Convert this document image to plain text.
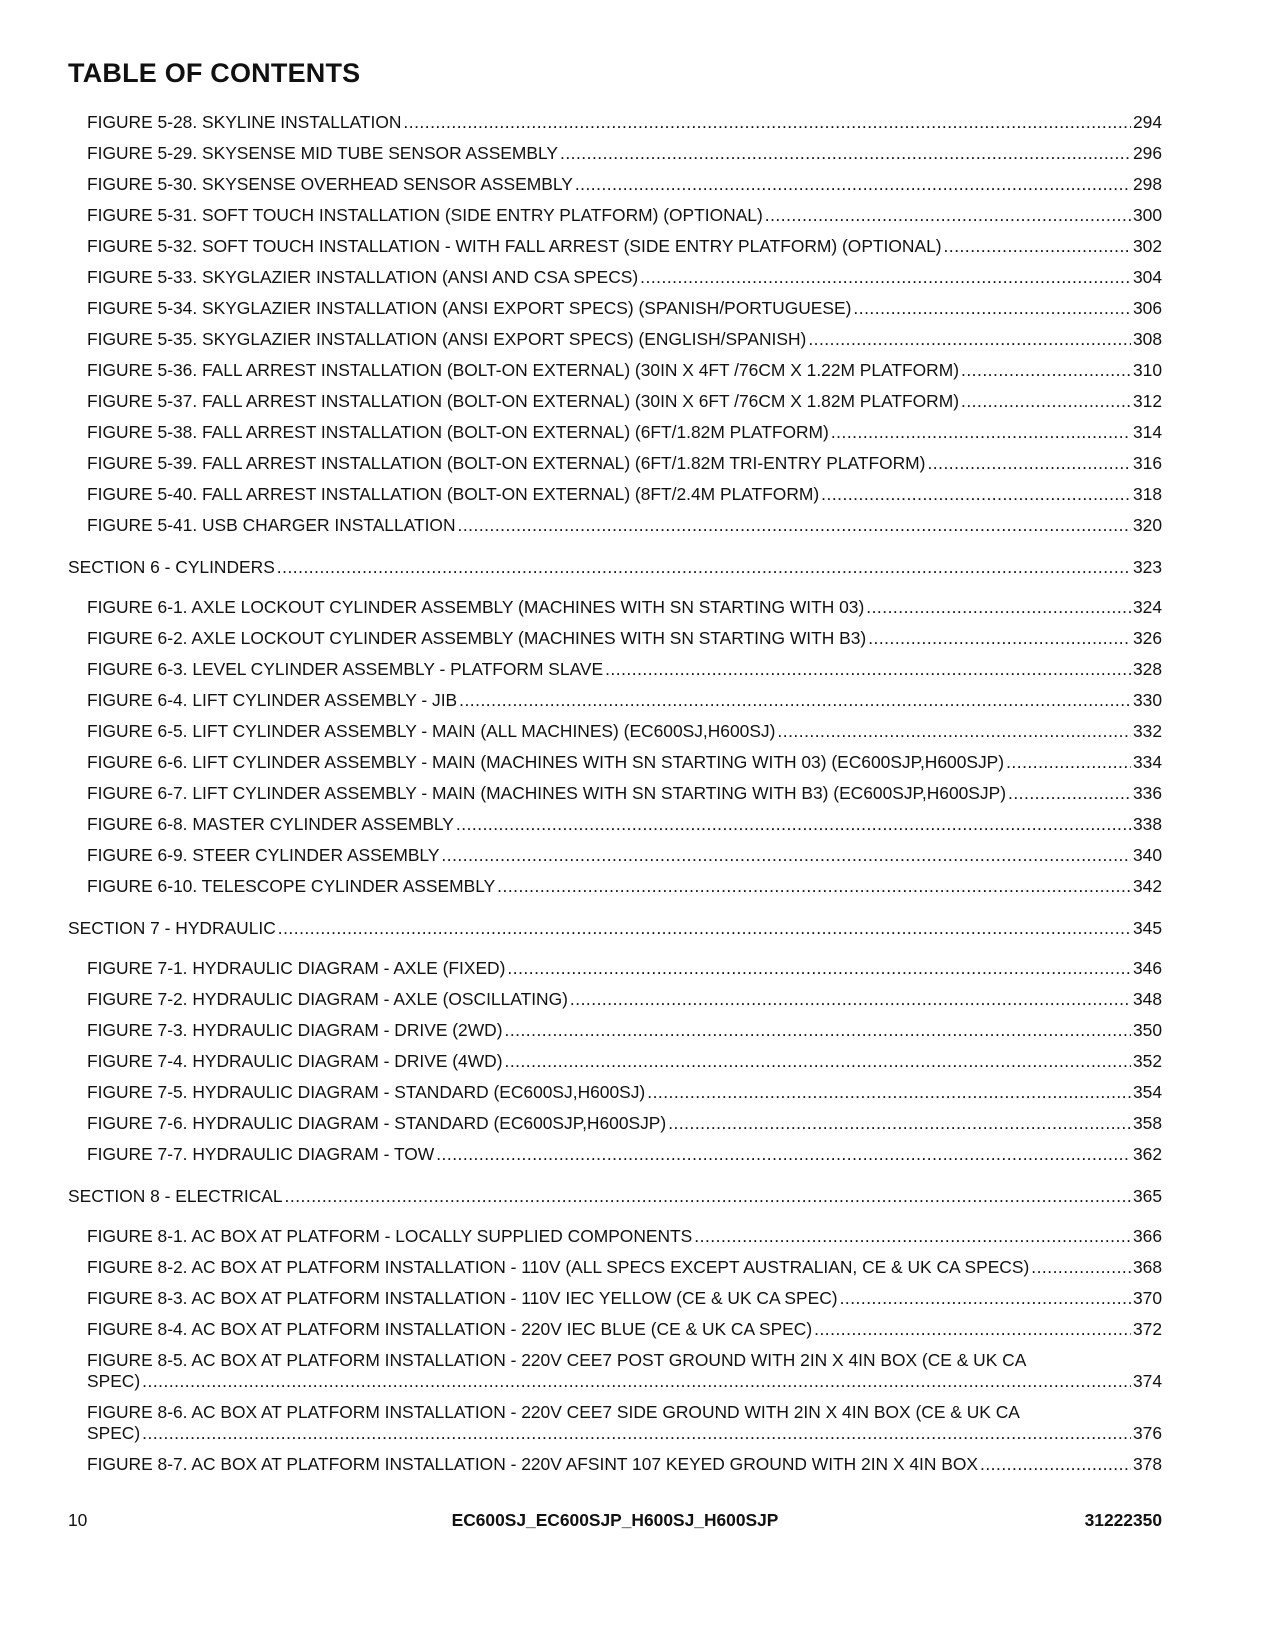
TABLE OF CONTENTS
FIGURE 5-28. SKYLINE INSTALLATION .....	294
FIGURE 5-29. SKYSENSE MID TUBE SENSOR ASSEMBLY .....	296
FIGURE 5-30. SKYSENSE OVERHEAD SENSOR ASSEMBLY .....	298
FIGURE 5-31. SOFT TOUCH INSTALLATION (SIDE ENTRY PLATFORM) (OPTIONAL) .....	300
FIGURE 5-32. SOFT TOUCH INSTALLATION - WITH FALL ARREST (SIDE ENTRY PLATFORM) (OPTIONAL) .....	302
FIGURE 5-33. SKYGLAZIER INSTALLATION (ANSI AND CSA SPECS) .....	304
FIGURE 5-34. SKYGLAZIER INSTALLATION (ANSI EXPORT SPECS) (SPANISH/PORTUGUESE) .....	306
FIGURE 5-35. SKYGLAZIER INSTALLATION (ANSI EXPORT SPECS) (ENGLISH/SPANISH) .....	308
FIGURE 5-36. FALL ARREST INSTALLATION (BOLT-ON EXTERNAL) (30IN X 4FT /76CM X 1.22M PLATFORM) .....	310
FIGURE 5-37. FALL ARREST INSTALLATION (BOLT-ON EXTERNAL) (30IN X 6FT /76CM X 1.82M PLATFORM) .....	312
FIGURE 5-38. FALL ARREST INSTALLATION (BOLT-ON EXTERNAL) (6FT/1.82M PLATFORM) .....	314
FIGURE 5-39. FALL ARREST INSTALLATION (BOLT-ON EXTERNAL) (6FT/1.82M TRI-ENTRY PLATFORM) .....	316
FIGURE 5-40. FALL ARREST INSTALLATION (BOLT-ON EXTERNAL) (8FT/2.4M PLATFORM) .....	318
FIGURE 5-41. USB CHARGER INSTALLATION .....	320
SECTION 6 - CYLINDERS .....	323
FIGURE 6-1. AXLE LOCKOUT CYLINDER ASSEMBLY (MACHINES WITH SN STARTING WITH 03) .....	324
FIGURE 6-2. AXLE LOCKOUT CYLINDER ASSEMBLY (MACHINES WITH SN STARTING WITH B3) .....	326
FIGURE 6-3. LEVEL CYLINDER ASSEMBLY - PLATFORM SLAVE .....	328
FIGURE 6-4. LIFT CYLINDER ASSEMBLY - JIB .....	330
FIGURE 6-5. LIFT CYLINDER ASSEMBLY - MAIN (ALL MACHINES) (EC600SJ,H600SJ) .....	332
FIGURE 6-6. LIFT CYLINDER ASSEMBLY - MAIN (MACHINES WITH SN STARTING WITH 03) (EC600SJP,H600SJP) .....	334
FIGURE 6-7. LIFT CYLINDER ASSEMBLY - MAIN (MACHINES WITH SN STARTING WITH B3) (EC600SJP,H600SJP) .....	336
FIGURE 6-8. MASTER CYLINDER ASSEMBLY .....	338
FIGURE 6-9. STEER CYLINDER ASSEMBLY .....	340
FIGURE 6-10. TELESCOPE CYLINDER ASSEMBLY .....	342
SECTION 7 - HYDRAULIC .....	345
FIGURE 7-1. HYDRAULIC DIAGRAM - AXLE (FIXED) .....	346
FIGURE 7-2. HYDRAULIC DIAGRAM - AXLE (OSCILLATING) .....	348
FIGURE 7-3. HYDRAULIC DIAGRAM - DRIVE (2WD) .....	350
FIGURE 7-4. HYDRAULIC DIAGRAM - DRIVE (4WD) .....	352
FIGURE 7-5. HYDRAULIC DIAGRAM - STANDARD (EC600SJ,H600SJ) .....	354
FIGURE 7-6. HYDRAULIC DIAGRAM - STANDARD (EC600SJP,H600SJP) .....	358
FIGURE 7-7. HYDRAULIC DIAGRAM - TOW .....	362
SECTION 8 - ELECTRICAL .....	365
FIGURE 8-1. AC BOX AT PLATFORM - LOCALLY SUPPLIED COMPONENTS .....	366
FIGURE 8-2. AC BOX AT PLATFORM INSTALLATION - 110V (ALL SPECS EXCEPT AUSTRALIAN, CE & UK CA SPECS) .....	368
FIGURE 8-3. AC BOX AT PLATFORM INSTALLATION - 110V IEC YELLOW (CE & UK CA SPEC) .....	370
FIGURE 8-4. AC BOX AT PLATFORM INSTALLATION - 220V IEC BLUE (CE & UK CA SPEC) .....	372
FIGURE 8-5. AC BOX AT PLATFORM INSTALLATION - 220V CEE7 POST GROUND WITH 2IN X 4IN BOX (CE & UK CA
SPEC) .....	374
FIGURE 8-6. AC BOX AT PLATFORM INSTALLATION - 220V CEE7 SIDE GROUND WITH 2IN X 4IN BOX (CE & UK CA
SPEC) .....	376
FIGURE 8-7. AC BOX AT PLATFORM INSTALLATION - 220V AFSINT 107 KEYED GROUND WITH 2IN X 4IN BOX .....	378
10	EC600SJ_EC600SJP_H600SJ_H600SJP	31222350
